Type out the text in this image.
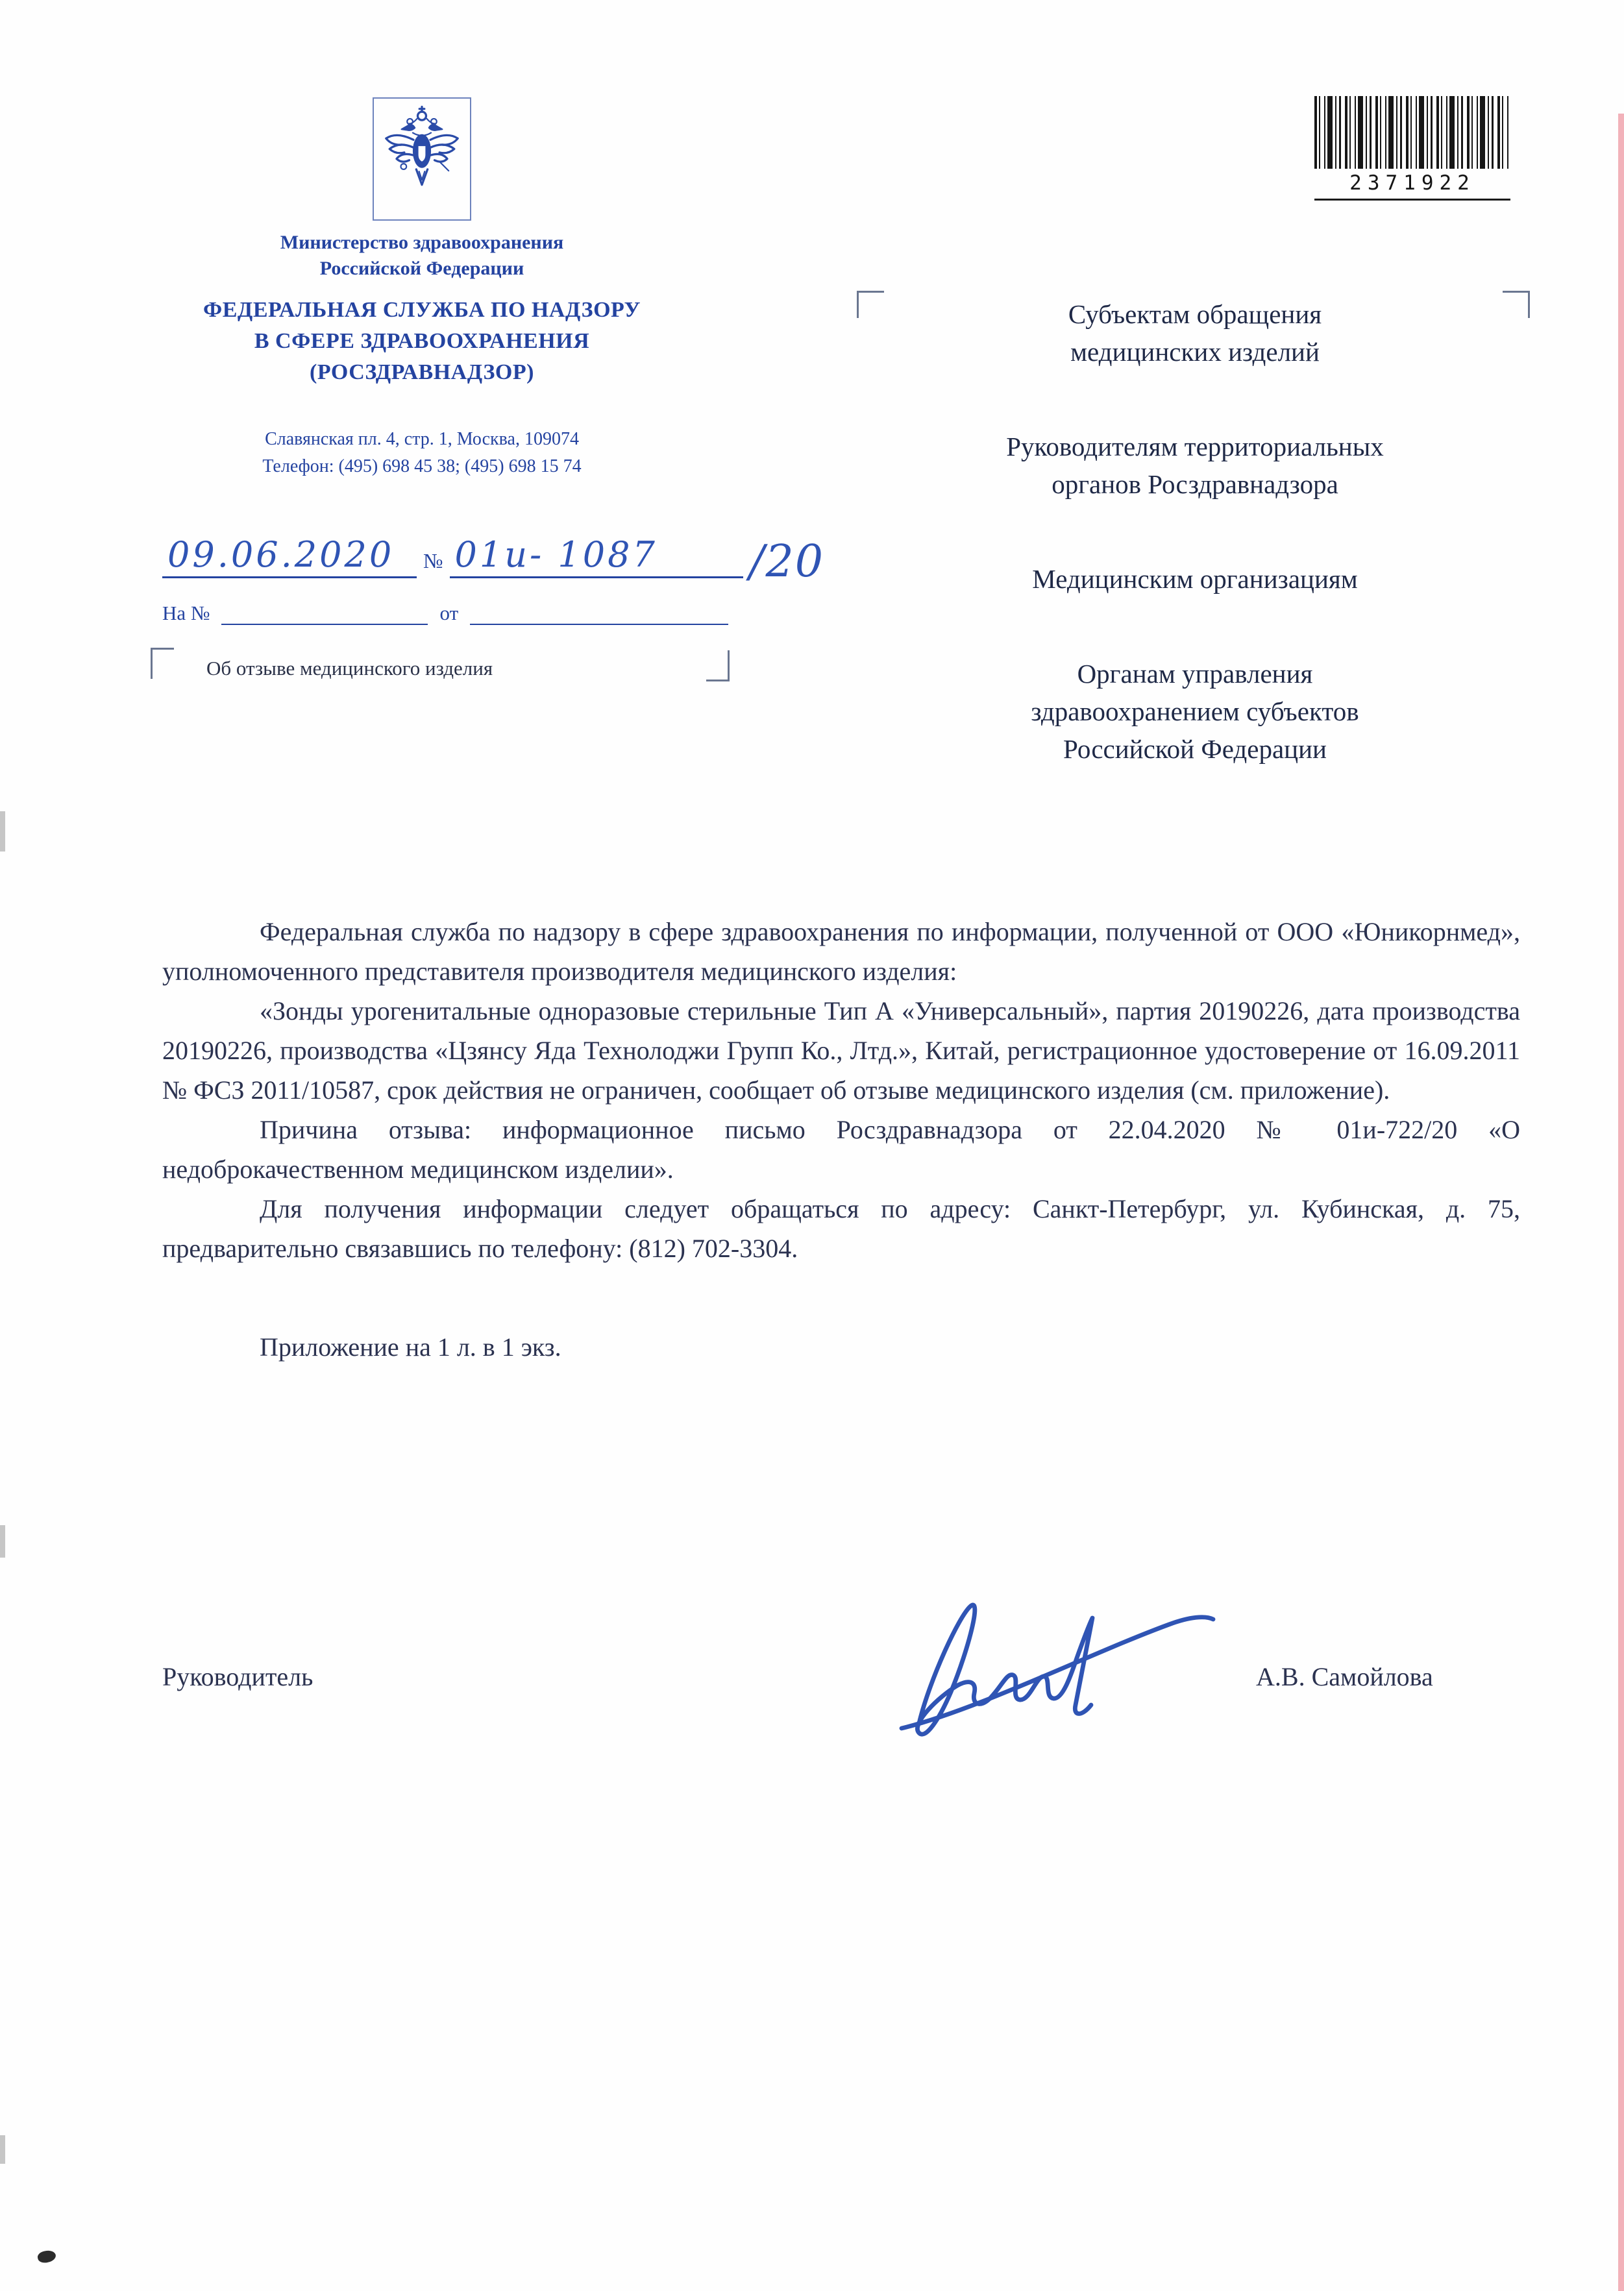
Министерство здравоохранения
Российской Федерации
ФЕДЕРАЛЬНАЯ СЛУЖБА ПО НАДЗОРУ
В СФЕРЕ ЗДРАВООХРАНЕНИЯ
(РОСЗДРАВНАДЗОР)
Славянская пл. 4, стр. 1, Москва, 109074
Телефон: (495) 698 45 38; (495) 698 15 74
2371922
Субъектам обращения
медицинских изделий
Руководителям территориальных
органов Росздравнадзора
Медицинским организациям
Органам управления
здравоохранением субъектов
Российской Федерации
09.06.2020	№ 01и- 1087	/20
На №	от
Об отзыве медицинского изделия

Федеральная служба по надзору в сфере здравоохранения по информации, полученной от ООО «Юникорнмед», уполномоченного представителя производителя медицинского изделия:

«Зонды урогенитальные одноразовые стерильные Тип А «Универсальный», партия 20190226, дата производства 20190226, производства «Цзянсу Яда Технолоджи Групп Ко., Лтд.», Китай, регистрационное удостоверение от 16.09.2011 № ФСЗ 2011/10587, срок действия не ограничен, сообщает об отзыве медицинского изделия (см. приложение).

Причина отзыва: информационное письмо Росздравнадзора от 22.04.2020 № 01и-722/20 «О недоброкачественном медицинском изделии».

Для получения информации следует обращаться по адресу: Санкт-Петербург, ул. Кубинская, д. 75, предварительно связавшись по телефону: (812) 702-3304.

Приложение на 1 л. в 1 экз.

Руководитель	А.В. Самойлова
